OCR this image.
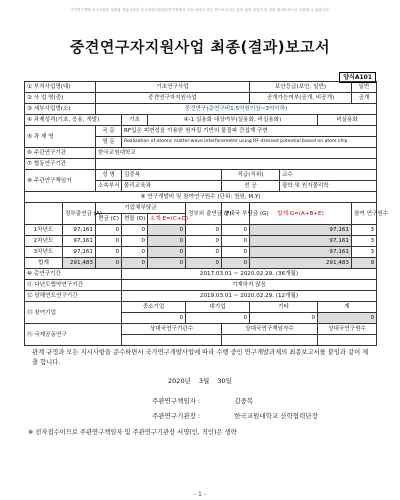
국가연구개발 보고서원문 성과물 전담기관인 한국과학기술정보연구원에서 가공·서비스 하는 연구보고서는 동의 없이 상업적 및 기타 영리목적으로 사용할 수 없습니다.
중견연구자지원사업 최종(결과)보고서
양식A101
① 부처사업명(대)		기초연구사업					보안등급(보안, 일반)			일반
② 사 업 명(중)		중견연구자지원사업					공개가능여부(공개, 비공개)			공개
③ 세부사업명(소)		중견연구(총연구비1.5억원이상~3억이하)								
④ 과제성격(기초, 응용, 개발)			기초	④-1 실용화 대상여부(실용화, 비실용화)					비실용화	
⑤ 과 제 명		국 문	RF입은 피변성을 이용한 원자집 기반의 물질파 간섭계 구현							
		영 문	Realization of atomic matter-wave interferometer using RF-dressed potential based on atom chip							
⑥ 주관연구기관		한국교원대학교								
⑦ 협동연구기관										
⑧ 주관연구책임자		성 명	김중복			직급(직위)		교수		
		소속부서	물리교육과			전 공		광학 및 원자물리학		
⑨ 연구개발비 및 참여연구원수 (단위: 천원, M.Y)										
	정부출연금 (A)	기업체부담금			정부외 출연금 (F)	상대국 부담금 (G)	합계 G=(A+B+E)			참여 연구원수
		현금 (C)	현물 (D)	소계 E=(C+D)						
1차년도	97,161	0	0	0	0	0	97,161			3
2차년도	97,161	0	0	0	0	0	97,161			3
3차년도	97,161	0	0	0	0	0	97,161			3
합계	291,483	0	0	0	0	0	291,483			9
⑩ 총연구기간			2017.03.01 ~ 2020.02.29. (36개월)							
⑪ 다년도협약연구기간			기재하지 않음							
⑫ 당해연도연구기간			2019.03.01 ~ 2020.02.29. (12개월)							
⑬ 참여기업			중소기업		대기업		기타		계	
			0		0		0		0	
⑭ 국제공동연구			상대국연구기관수			상대국연구책임자수			상대국연구원수	

관계 규정과 모든 지시사항을 준수하면서 국가연구개발사업에 따라 수행 중인 연구개발과제의 최종보고서를 붙임과 같이 제출 합니다.
2020년 3월 30일
주관연구책임자 :	김중복
주관연구기관장 :	한국교원대학교 산학협력단장
※ 전자접수이므로 주관연구책임자 및 주관연구기관장 서명(인, 직인)은 생략
- 1 -
